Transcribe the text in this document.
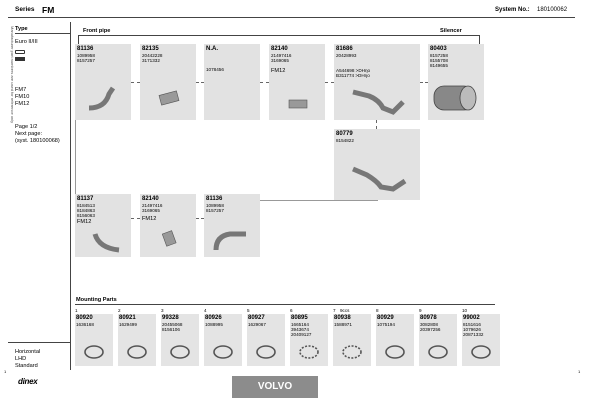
Series FM	System No.: 180100062
Manufacturer part numbers are used for reference only Type
Euro II/III
FM7
FM10
FM12
Page 1/2
Next page:
(syst. 180100068)
Front pipe	Silencer
81136
1089958
8157257
82135
20442228
3171332
N.A.
1078456
82140
21497416
3169065
FM12
81686
20428993
A544698 >DHηo
B311774 >DHηo
80403
8157258
8155708
8149655
80779
8154822
81137
8184513
8184863
8156063
FM12
82140
21497416
3169065
FM12
81136
1089958
8157257
Mounting Parts
1
80920
1636168
2
80921
1629499
3
99328
20455068
8156106
4
80926
1088995
5
80927
1629067
6
80895
1665164
3943674
20409127
7 9ccs
80938
1588971
8
80929
1075194
9
80978
3082808
20397256
10
99002
8151616
1079626
20871332
Horizontal
LHD
Standard
1	1
dinex	VOLVO
